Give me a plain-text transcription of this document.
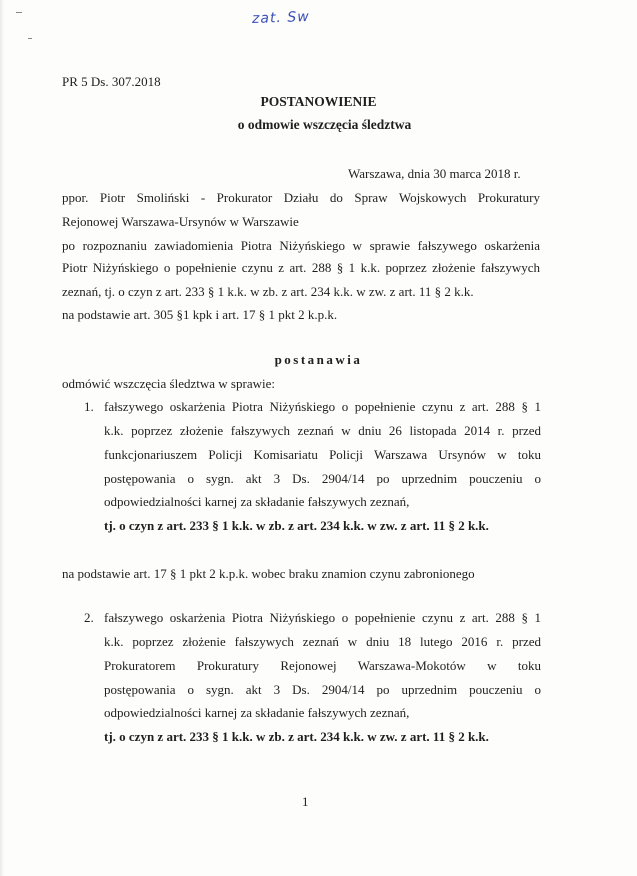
zat. Sw
PR 5 Ds. 307.2018
POSTANOWIENIE
o odmowie wszczęcia śledztwa
Warszawa, dnia 30 marca 2018 r.
ppor. Piotr Smoliński - Prokurator Działu do Spraw Wojskowych Prokuratury
Rejonowej Warszawa-Ursynów w Warszawie
po rozpoznaniu zawiadomienia Piotra Niżyńskiego w sprawie fałszywego oskarżenia
Piotr Niżyńskiego o popełnienie czynu z art. 288 § 1 k.k. poprzez złożenie fałszywych
zeznań, tj. o czyn z art. 233 § 1 k.k. w zb. z art. 234 k.k. w zw. z art. 11 § 2 k.k.
na podstawie art. 305 §1 kpk i art. 17 § 1 pkt 2 k.p.k.
postanawia
odmówić wszczęcia śledztwa w sprawie:
1. fałszywego oskarżenia Piotra Niżyńskiego o popełnienie czynu z art. 288 § 1
k.k. poprzez złożenie fałszywych zeznań w dniu 26 listopada 2014 r. przed
funkcjonariuszem Policji Komisariatu Policji Warszawa Ursynów w toku
postępowania o sygn. akt 3 Ds. 2904/14 po uprzednim pouczeniu o
odpowiedzialności karnej za składanie fałszywych zeznań,
tj. o czyn z art. 233 § 1 k.k. w zb. z art. 234 k.k. w zw. z art. 11 § 2 k.k.
na podstawie art. 17 § 1 pkt 2 k.p.k. wobec braku znamion czynu zabronionego
2. fałszywego oskarżenia Piotra Niżyńskiego o popełnienie czynu z art. 288 § 1
k.k. poprzez złożenie fałszywych zeznań w dniu 18 lutego 2016 r. przed
Prokuratorem Prokuratury Rejonowej Warszawa-Mokotów w toku
postępowania o sygn. akt 3 Ds. 2904/14 po uprzednim pouczeniu o
odpowiedzialności karnej za składanie fałszywych zeznań,
tj. o czyn z art. 233 § 1 k.k. w zb. z art. 234 k.k. w zw. z art. 11 § 2 k.k.
1
